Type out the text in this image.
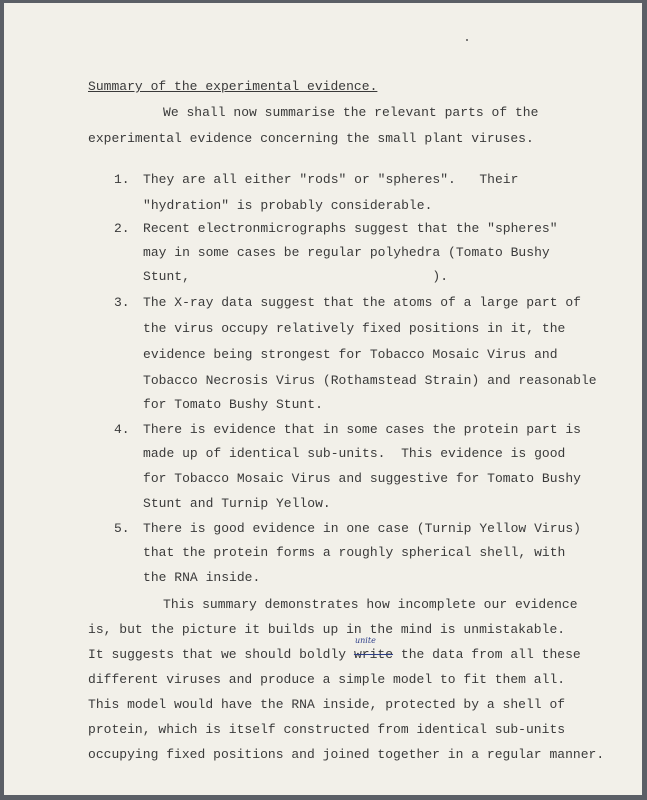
Summary of the experimental evidence.
We shall now summarise the relevant parts of the
experimental evidence concerning the small plant viruses.
1. They are all either "rods" or "spheres".   Their
"hydration" is probably considerable.
2. Recent electronmicrographs suggest that the "spheres"
may in some cases be regular polyhedra (Tomato Bushy
Stunt,                               ).
3. The X-ray data suggest that the atoms of a large part of
the virus occupy relatively fixed positions in it, the
evidence being strongest for Tobacco Mosaic Virus and
Tobacco Necrosis Virus (Rothamstead Strain) and reasonable
for Tomato Bushy Stunt.
4. There is evidence that in some cases the protein part is
made up of identical sub-units.  This evidence is good
for Tobacco Mosaic Virus and suggestive for Tomato Bushy
Stunt and Turnip Yellow.
5. There is good evidence in one case (Turnip Yellow Virus)
that the protein forms a roughly spherical shell, with
the RNA inside.
This summary demonstrates how incomplete our evidence
is, but the picture it builds up in the mind is unmistakable.
It suggests that we should boldly write the data from all these
unite
different viruses and produce a simple model to fit them all.
This model would have the RNA inside, protected by a shell of
protein, which is itself constructed from identical sub-units
occupying fixed positions and joined together in a regular manner.
